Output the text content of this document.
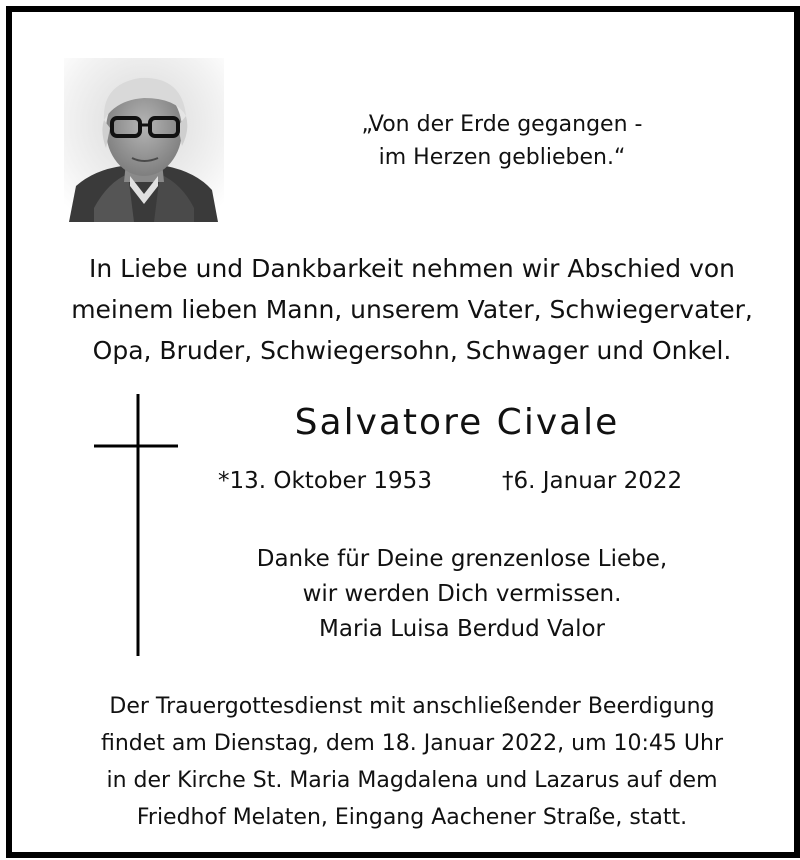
„Von der Erde gegangen -
im Herzen geblieben.“
In Liebe und Dankbarkeit nehmen wir Abschied von
meinem lieben Mann, unserem Vater, Schwiegervater,
Opa, Bruder, Schwiegersohn, Schwager und Onkel.
Salvatore Civale
*13. Oktober 1953	†6. Januar 2022
Danke für Deine grenzenlose Liebe,
wir werden Dich vermissen.
Maria Luisa Berdud Valor
Der Trauergottesdienst mit anschließender Beerdigung
findet am Dienstag, dem 18. Januar 2022, um 10:45 Uhr
in der Kirche St. Maria Magdalena und Lazarus auf dem
Friedhof Melaten, Eingang Aachener Straße, statt.
